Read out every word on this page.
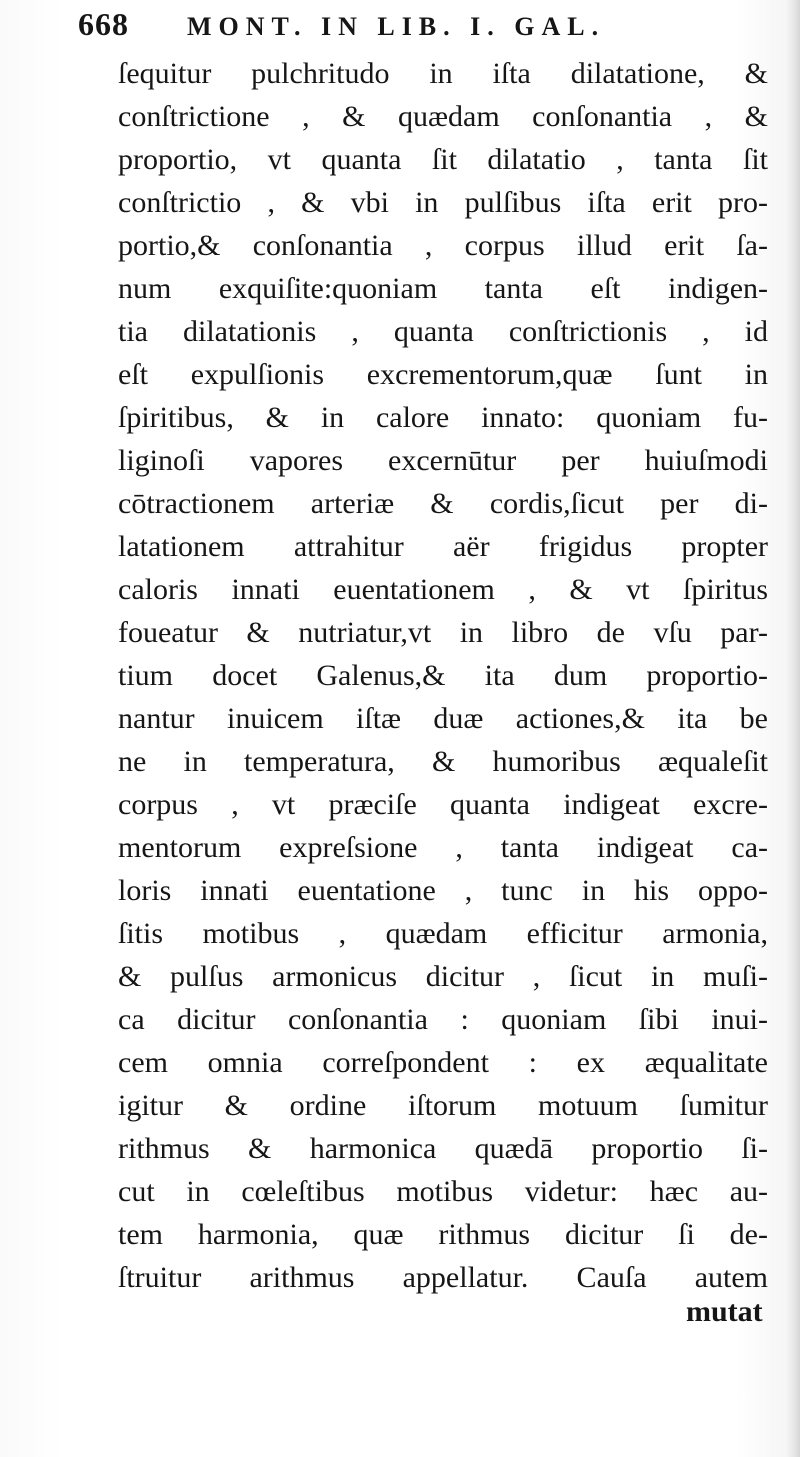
668 MONT. IN LIB. I. GAL.
ſequitur pulchritudo in iſta dilatatione, &
conſtrictione , & quædam conſonantia , &
proportio, vt quanta ſit dilatatio , tanta ſit
conſtrictio , & vbi in pulſibus iſta erit pro-
portio,& conſonantia , corpus illud erit ſa-
num exquiſite:quoniam tanta eſt indigen-
tia dilatationis , quanta conſtrictionis , id
eſt expulſionis excrementorum,quæ ſunt in
ſpiritibus, & in calore innato: quoniam fu-
liginoſi vapores excernūtur per huiuſmodi
cōtractionem arteriæ & cordis,ſicut per di-
latationem attrahitur aër frigidus propter
caloris innati euentationem , & vt ſpiritus
foueatur & nutriatur,vt in libro de vſu par-
tium docet Galenus,& ita dum proportio-
nantur inuicem iſtæ duæ actiones,& ita be
ne in temperatura, & humoribus æqualeſit
corpus , vt præciſe quanta indigeat excre-
mentorum expreſsione , tanta indigeat ca-
loris innati euentatione , tunc in his oppo-
ſitis motibus , quædam efficitur armonia,
& pulſus armonicus dicitur , ſicut in muſi-
ca dicitur conſonantia : quoniam ſibi inui-
cem omnia correſpondent : ex æqualitate
igitur & ordine iſtorum motuum ſumitur
rithmus & harmonica quædā proportio ſi-
cut in cœleſtibus motibus videtur: hæc au-
tem harmonia, quæ rithmus dicitur ſi de-
ſtruitur arithmus appellatur. Cauſa autem
mutat
